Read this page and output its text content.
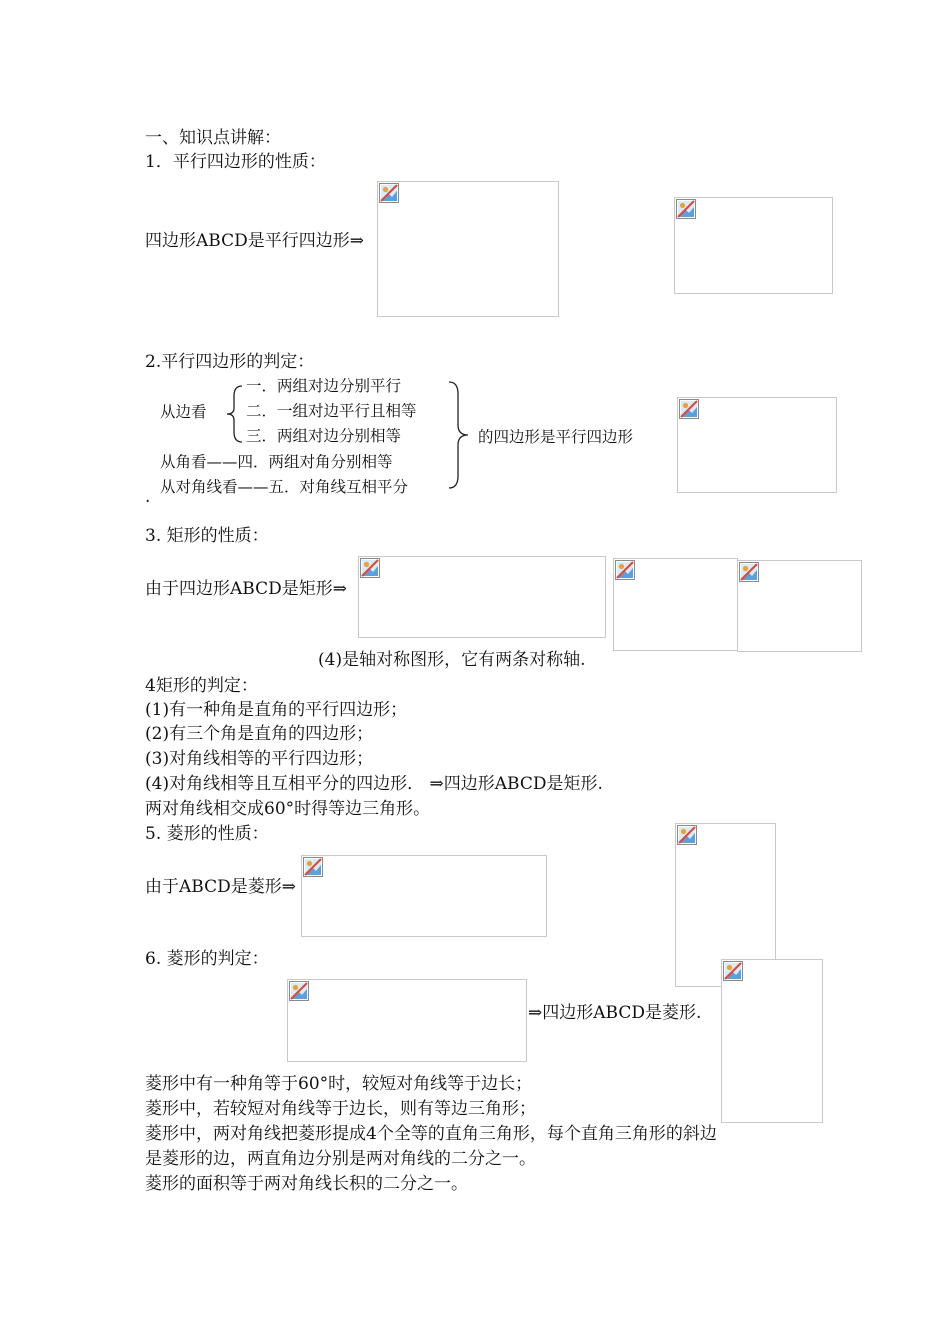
一、知识点讲解：
1．平行四边形的性质：
四边形ABCD是平行四边形⇒
2.平行四边形的判定：
从边看
一．两组对边分别平行
二．一组对边平行且相等
三．两组对边分别相等
从角看——四．两组对角分别相等
从对角线看——五．对角线互相平分
的四边形是平行四边形
.
3. 矩形的性质：
由于四边形ABCD是矩形⇒
(4)是轴对称图形，它有两条对称轴.
4矩形的判定：
(1)有一种角是直角的平行四边形；
(2)有三个角是直角的四边形；
(3)对角线相等的平行四边形；
(4)对角线相等且互相平分的四边形． ⇒四边形ABCD是矩形.
两对角线相交成60°时得等边三角形。
5. 菱形的性质：
由于ABCD是菱形⇒
6. 菱形的判定：
⇒四边形ABCD是菱形.
菱形中有一种角等于60°时，较短对角线等于边长；
菱形中，若较短对角线等于边长，则有等边三角形；
菱形中，两对角线把菱形提成4个全等的直角三角形，每个直角三角形的斜边
是菱形的边，两直角边分别是两对角线的二分之一。
菱形的面积等于两对角线长积的二分之一。
